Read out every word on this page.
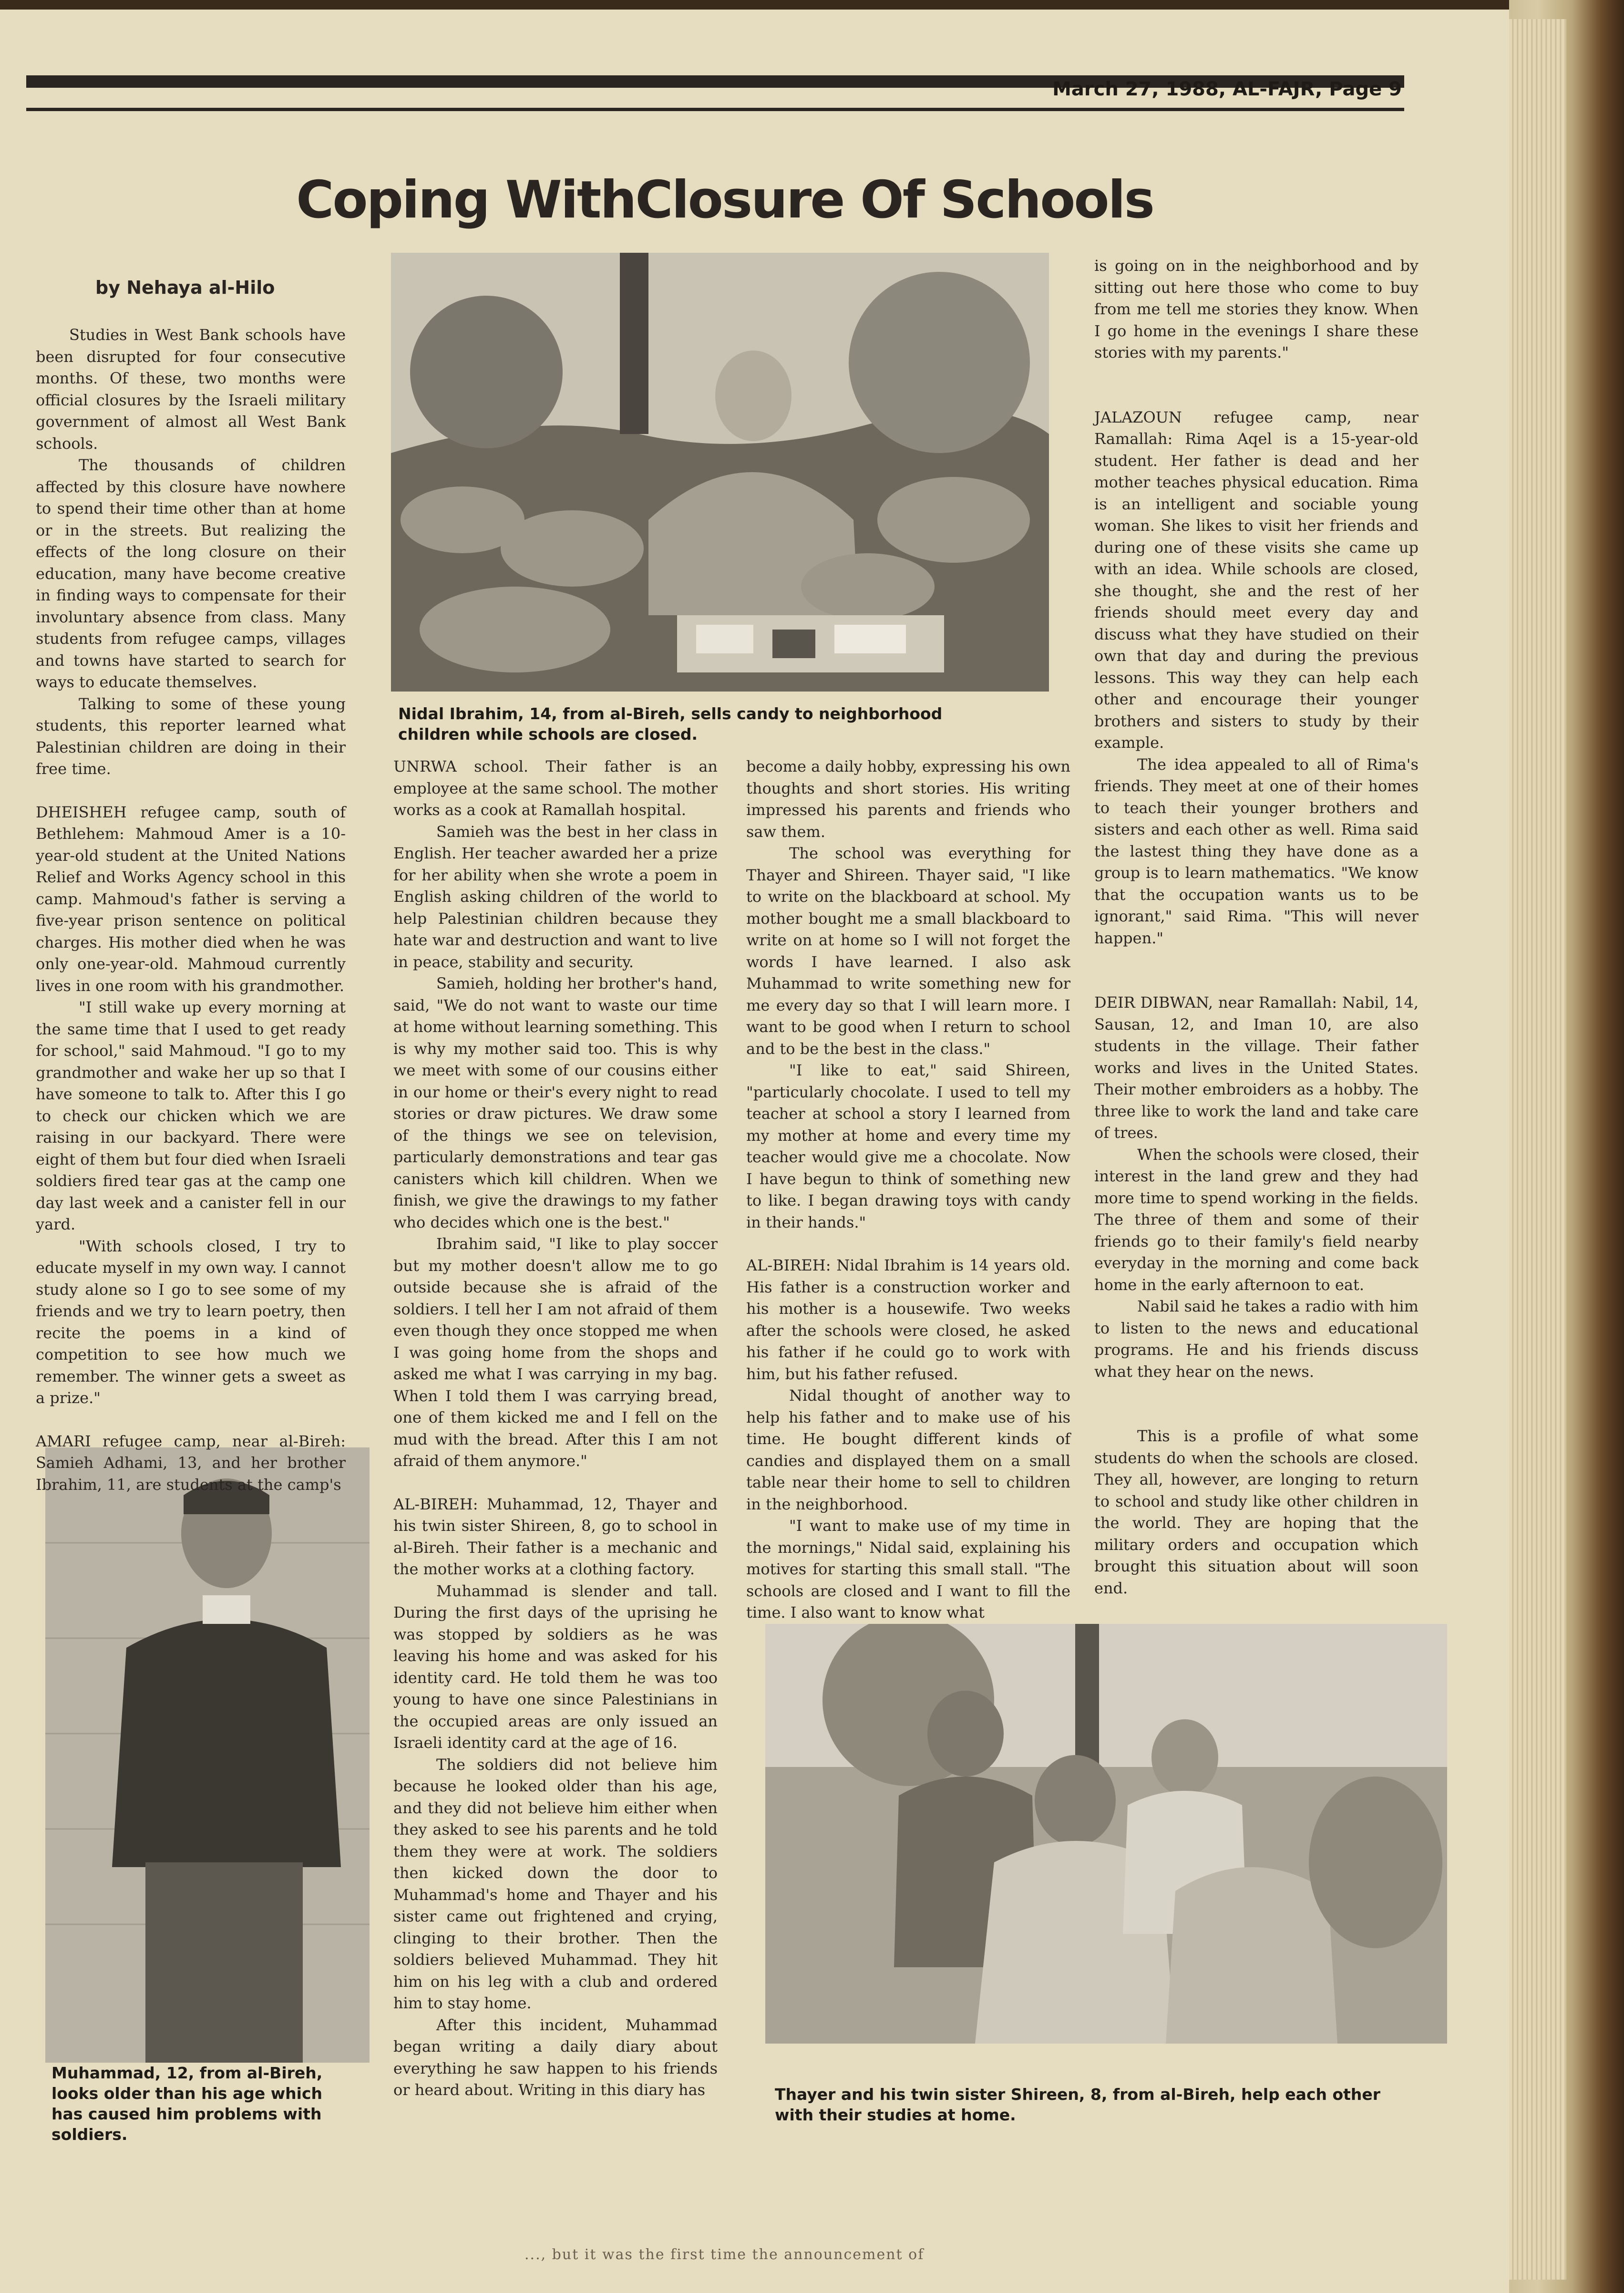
March 27, 1988, AL-FAJR, Page 9
Coping WithClosure Of Schools
by Nehaya al-Hilo
Nidal Ibrahim, 14, from al-Bireh, sells candy to neighborhood children while schools are closed.
Muhammad, 12, from al-Bireh, looks older than his age which has caused him problems with soldiers.
Thayer and his twin sister Shireen, 8, from al-Bireh, help each other with their studies at home.

Studies in West Bank schools have been disrupted for four consecutive months. Of these, two months were official closures by the Israeli military government of almost all West Bank schools.

The thousands of children affected by this closure have nowhere to spend their time other than at home or in the streets. But realizing the effects of the long closure on their education, many have become creative in finding ways to compensate for their involuntary absence from class. Many students from refugee camps, villages and towns have started to search for ways to educate themselves.

Talking to some of these young students, this reporter learned what Palestinian children are doing in their free time.

DHEISHEH refugee camp, south of Bethlehem: Mahmoud Amer is a 10-year-old student at the United Nations Relief and Works Agency school in this camp. Mahmoud's father is serving a five-year prison sentence on political charges. His mother died when he was only one-year-old. Mahmoud currently lives in one room with his grandmother.

"I still wake up every morning at the same time that I used to get ready for school," said Mahmoud. "I go to my grandmother and wake her up so that I have someone to talk to. After this I go to check our chicken which we are raising in our backyard. There were eight of them but four died when Israeli soldiers fired tear gas at the camp one day last week and a canister fell in our yard.

"With schools closed, I try to educate myself in my own way. I cannot study alone so I go to see some of my friends and we try to learn poetry, then recite the poems in a kind of competition to see how much we remember. The winner gets a sweet as a prize."

AMARI refugee camp, near al-Bireh: Samieh Adhami, 13, and her brother Ibrahim, 11, are students at the camp's

UNRWA school. Their father is an employee at the same school. The mother works as a cook at Ramallah hospital.

Samieh was the best in her class in English. Her teacher awarded her a prize for her ability when she wrote a poem in English asking children of the world to help Palestinian children because they hate war and destruction and want to live in peace, stability and security.

Samieh, holding her brother's hand, said, "We do not want to waste our time at home without learning something. This is why my mother said too. This is why we meet with some of our cousins either in our home or their's every night to read stories or draw pictures. We draw some of the things we see on television, particularly demonstrations and tear gas canisters which kill children. When we finish, we give the drawings to my father who decides which one is the best."

Ibrahim said, "I like to play soccer but my mother doesn't allow me to go outside because she is afraid of the soldiers. I tell her I am not afraid of them even though they once stopped me when I was going home from the shops and asked me what I was carrying in my bag. When I told them I was carrying bread, one of them kicked me and I fell on the mud with the bread. After this I am not afraid of them anymore."

AL-BIREH: Muhammad, 12, Thayer and his twin sister Shireen, 8, go to school in al-Bireh. Their father is a mechanic and the mother works at a clothing factory.

Muhammad is slender and tall. During the first days of the uprising he was stopped by soldiers as he was leaving his home and was asked for his identity card. He told them he was too young to have one since Palestinians in the occupied areas are only issued an Israeli identity card at the age of 16.

The soldiers did not believe him because he looked older than his age, and they did not believe him either when they asked to see his parents and he told them they were at work. The soldiers then kicked down the door to Muhammad's home and Thayer and his sister came out frightened and crying, clinging to their brother. Then the soldiers believed Muhammad. They hit him on his leg with a club and ordered him to stay home.

After this incident, Muhammad began writing a daily diary about everything he saw happen to his friends or heard about. Writing in this diary has

become a daily hobby, expressing his own thoughts and short stories. His writing impressed his parents and friends who saw them.

The school was everything for Thayer and Shireen. Thayer said, "I like to write on the blackboard at school. My mother bought me a small blackboard to write on at home so I will not forget the words I have learned. I also ask Muhammad to write something new for me every day so that I will learn more. I want to be good when I return to school and to be the best in the class."

"I like to eat," said Shireen, "particularly chocolate. I used to tell my teacher at school a story I learned from my mother at home and every time my teacher would give me a chocolate. Now I have begun to think of something new to like. I began drawing toys with candy in their hands."

AL-BIREH: Nidal Ibrahim is 14 years old. His father is a construction worker and his mother is a housewife. Two weeks after the schools were closed, he asked his father if he could go to work with him, but his father refused.

Nidal thought of another way to help his father and to make use of his time. He bought different kinds of candies and displayed them on a small table near their home to sell to children in the neighborhood.

"I want to make use of my time in the mornings," Nidal said, explaining his motives for starting this small stall. "The schools are closed and I want to fill the time. I also want to know what

is going on in the neighborhood and by sitting out here those who come to buy from me tell me stories they know. When I go home in the evenings I share these stories with my parents."

JALAZOUN refugee camp, near Ramallah: Rima Aqel is a 15-year-old student. Her father is dead and her mother teaches physical education. Rima is an intelligent and sociable young woman. She likes to visit her friends and during one of these visits she came up with an idea. While schools are closed, she thought, she and the rest of her friends should meet every day and discuss what they have studied on their own that day and during the previous lessons. This way they can help each other and encourage their younger brothers and sisters to study by their example.

The idea appealed to all of Rima's friends. They meet at one of their homes to teach their younger brothers and sisters and each other as well. Rima said the lastest thing they have done as a group is to learn mathematics. "We know that the occupation wants us to be ignorant," said Rima. "This will never happen."

DEIR DIBWAN, near Ramallah: Nabil, 14, Sausan, 12, and Iman 10, are also students in the village. Their father works and lives in the United States. Their mother embroiders as a hobby. The three like to work the land and take care of trees.

When the schools were closed, their interest in the land grew and they had more time to spend working in the fields. The three of them and some of their friends go to their family's field nearby everyday in the morning and come back home in the early afternoon to eat.

Nabil said he takes a radio with him to listen to the news and educational programs. He and his friends discuss what they hear on the news.

This is a profile of what some students do when the schools are closed. They all, however, are longing to return to school and study like other children in the world. They are hoping that the military orders and occupation which brought this situation about will soon end.

..., but it was the first time the announcement of
